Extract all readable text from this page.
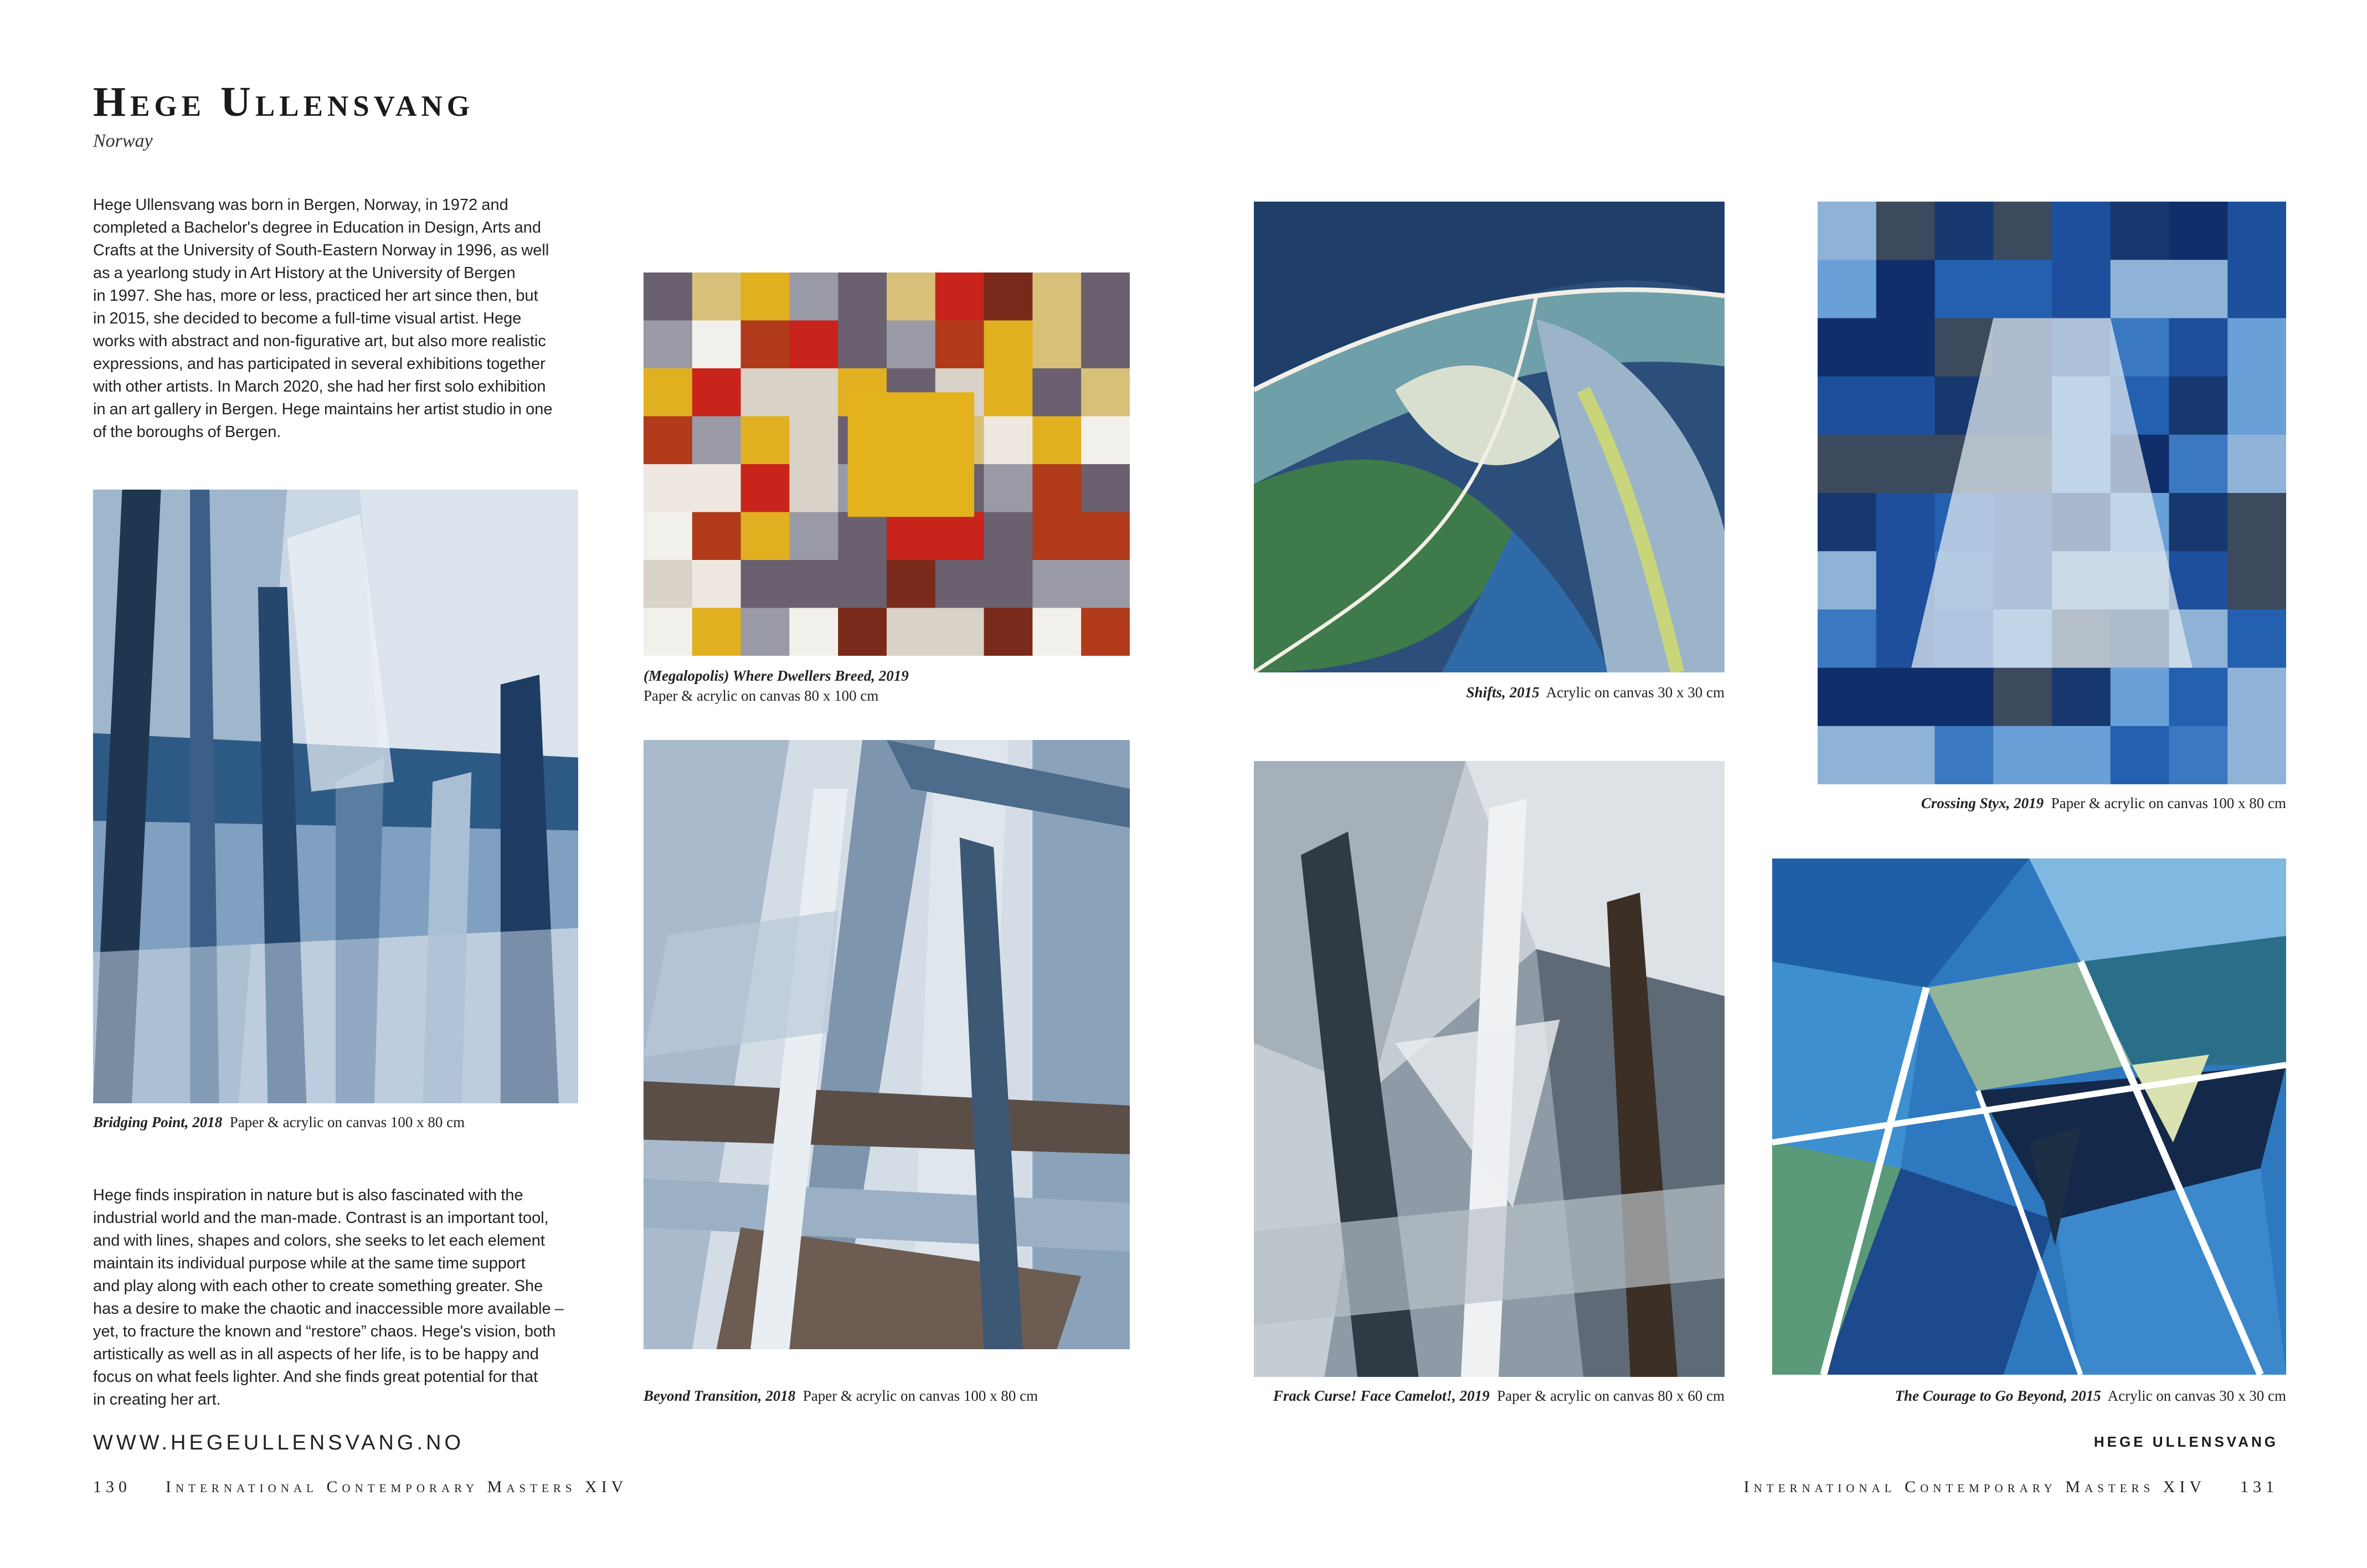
Hege Ullensvang
Norway

Hege Ullensvang was born in Bergen, Norway, in 1972 and
completed a Bachelor's degree in Education in Design, Arts and
Crafts at the University of South-Eastern Norway in 1996, as well
as a yearlong study in Art History at the University of Bergen
in 1997. She has, more or less, practiced her art since then, but
in 2015, she decided to become a full-time visual artist. Hege
works with abstract and non-figurative art, but also more realistic
expressions, and has participated in several exhibitions together
with other artists. In March 2020, she had her first solo exhibition
in an art gallery in Bergen. Hege maintains her artist studio in one
of the boroughs of Bergen.

Bridging Point, 2018 Paper & acrylic on canvas 100 x 80 cm

Hege finds inspiration in nature but is also fascinated with the
industrial world and the man-made. Contrast is an important tool,
and with lines, shapes and colors, she seeks to let each element
maintain its individual purpose while at the same time support
and play along with each other to create something greater. She
has a desire to make the chaotic and inaccessible more available –
yet, to fracture the known and “restore” chaos. Hege's vision, both
artistically as well as in all aspects of her life, is to be happy and
focus on what feels lighter. And she finds great potential for that
in creating her art.

(Megalopolis) Where Dwellers Breed, 2019
Paper & acrylic on canvas 80 x 100 cm
Beyond Transition, 2018 Paper & acrylic on canvas 100 x 80 cm
Shifts, 2015 Acrylic on canvas 30 x 30 cm
Frack Curse! Face Camelot!, 2019 Paper & acrylic on canvas 80 x 60 cm
Crossing Styx, 2019 Paper & acrylic on canvas 100 x 80 cm
The Courage to Go Beyond, 2015 Acrylic on canvas 30 x 30 cm
WWW.HEGEULLENSVANG.NO	HEGE ULLENSVANG
130 International Contemporary Masters XIV	International Contemporary Masters XIV 131
